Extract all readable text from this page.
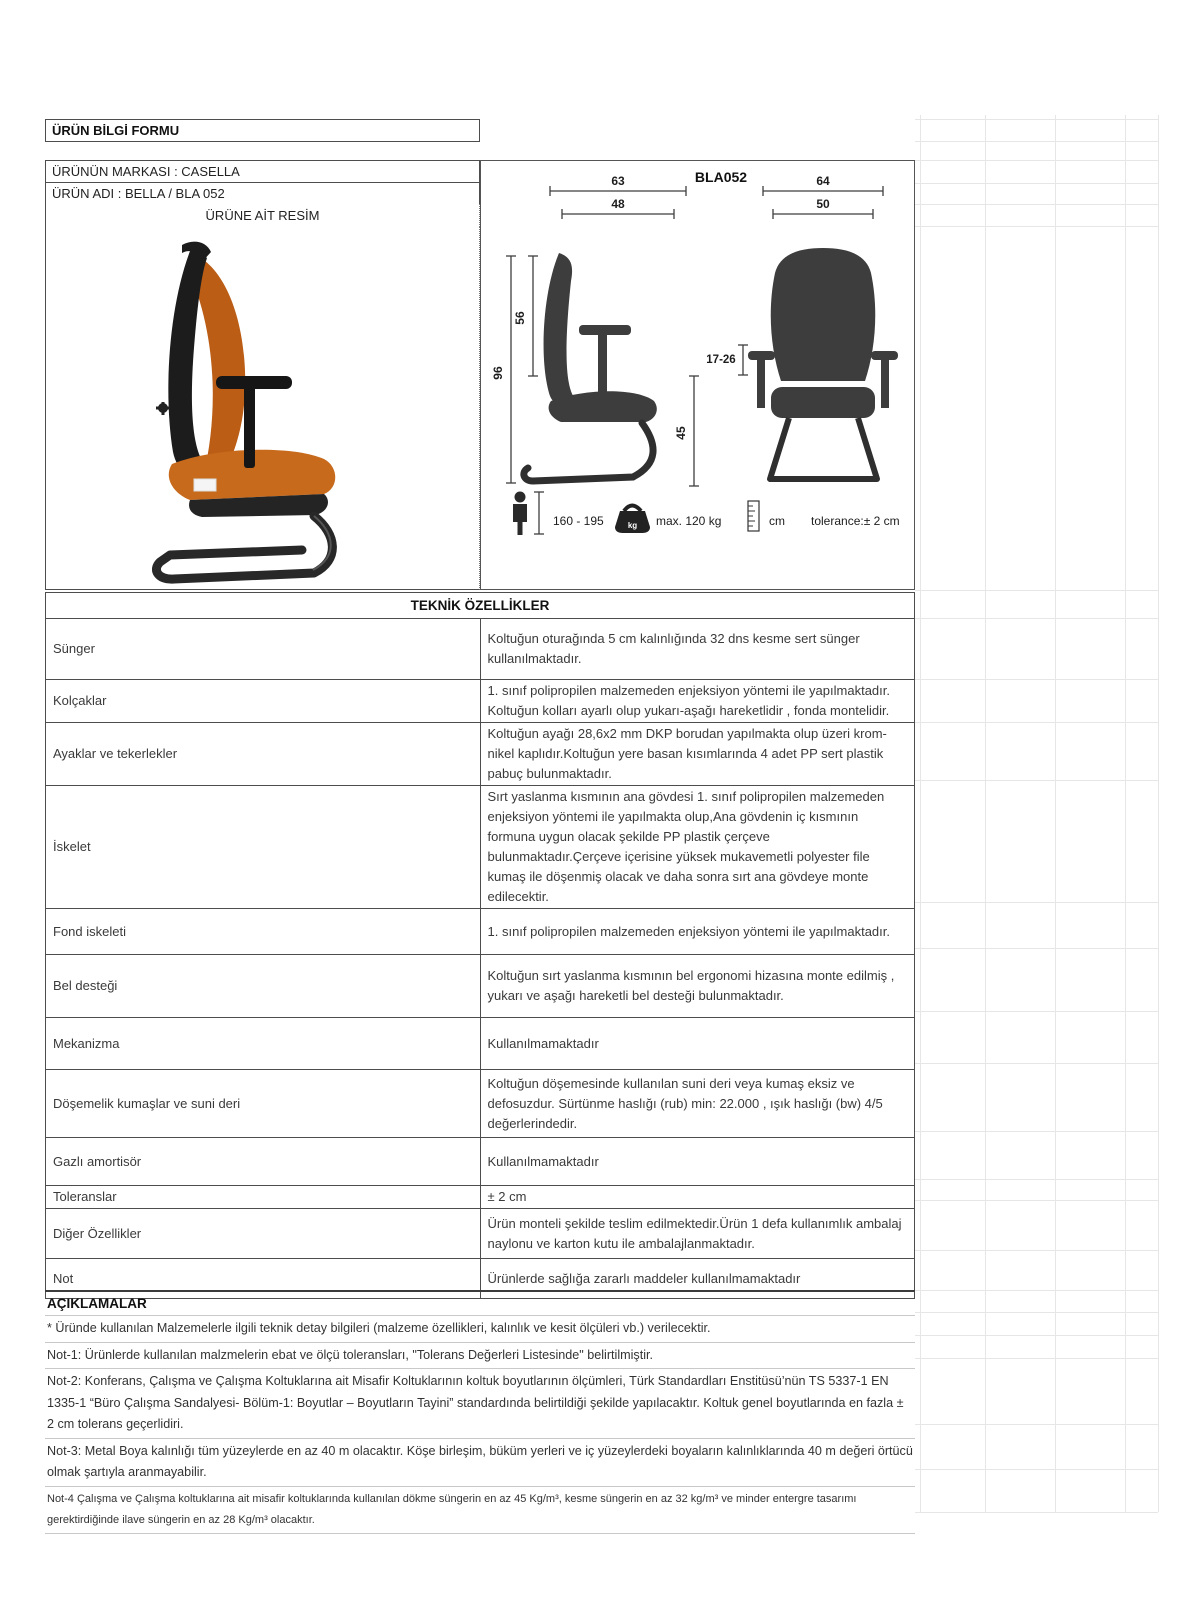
ÜRÜN BİLGİ FORMU
ÜRÜNÜN MARKASI : CASELLA
ÜRÜN ADI : BELLA / BLA 052
ÜRÜNE AİT RESİM
BLA052
63
48
64
50
96
56
45
17-26
160 - 195	kg max. 120 kg	cm tolerance:± 2 cm
TEKNİK ÖZELLİKLER	
Sünger	Koltuğun oturağında 5 cm kalınlığında 32 dns kesme sert sünger kullanılmaktadır.
Kolçaklar	1. sınıf polipropilen malzemeden enjeksiyon yöntemi ile yapılmaktadır. Koltuğun kolları ayarlı olup yukarı-aşağı hareketlidir , fonda montelidir.
Ayaklar ve tekerlekler	Koltuğun ayağı 28,6x2 mm DKP borudan yapılmakta olup üzeri krom-nikel kaplıdır.Koltuğun yere basan kısımlarında 4 adet PP sert plastik pabuç bulunmaktadır.
İskelet	Sırt yaslanma kısmının ana gövdesi 1. sınıf polipropilen malzemeden enjeksiyon yöntemi ile yapılmakta olup,Ana gövdenin iç kısmının formuna uygun olacak şekilde PP plastik çerçeve bulunmaktadır.Çerçeve içerisine yüksek mukavemetli polyester file kumaş ile döşenmiş olacak ve daha sonra sırt ana gövdeye monte edilecektir.
Fond iskeleti	1. sınıf polipropilen malzemeden enjeksiyon yöntemi ile yapılmaktadır.
Bel desteği	Koltuğun sırt yaslanma kısmının bel ergonomi hizasına monte edilmiş , yukarı ve aşağı hareketli bel desteği bulunmaktadır.
Mekanizma	Kullanılmamaktadır
Döşemelik kumaşlar ve suni deri	Koltuğun döşemesinde kullanılan suni deri veya kumaş eksiz ve defosuzdur. Sürtünme haslığı (rub) min: 22.000 , ışık haslığı (bw) 4/5 değerlerindedir.
Gazlı amortisör	Kullanılmamaktadır
Toleranslar	± 2 cm
Diğer Özellikler	Ürün monteli şekilde teslim edilmektedir.Ürün 1 defa kullanımlık ambalaj naylonu ve karton kutu ile ambalajlanmaktadır.
Not	Ürünlerde sağlığa zararlı maddeler kullanılmamaktadır
AÇIKLAMALAR
* Üründe kullanılan Malzemelerle ilgili teknik detay bilgileri (malzeme özellikleri, kalınlık ve kesit ölçüleri vb.) verilecektir.
Not-1: Ürünlerde kullanılan malzmelerin ebat ve ölçü toleransları, "Tolerans Değerleri Listesinde" belirtilmiştir.
Not-2: Konferans, Çalışma ve Çalışma Koltuklarına ait Misafir Koltuklarının koltuk boyutlarının ölçümleri, Türk Standardları Enstitüsü’nün TS 5337-1 EN 1335-1 “Büro Çalışma Sandalyesi- Bölüm-1: Boyutlar – Boyutların Tayini” standardında belirtildiği şekilde yapılacaktır. Koltuk genel boyutlarında en fazla ± 2 cm tolerans geçerlidiri.
Not-3: Metal Boya kalınlığı tüm yüzeylerde en az 40 m olacaktır. Köşe birleşim, büküm yerleri ve iç yüzeylerdeki boyaların kalınlıklarında 40 m değeri örtücü olmak şartıyla aranmayabilir.
Not-4 Çalışma ve Çalışma koltuklarına ait misafir koltuklarında kullanılan dökme süngerin en az 45 Kg/m³, kesme süngerin en az 32 kg/m³ ve minder entergre tasarımı gerektirdiğinde ilave süngerin en az 28 Kg/m³ olacaktır.
